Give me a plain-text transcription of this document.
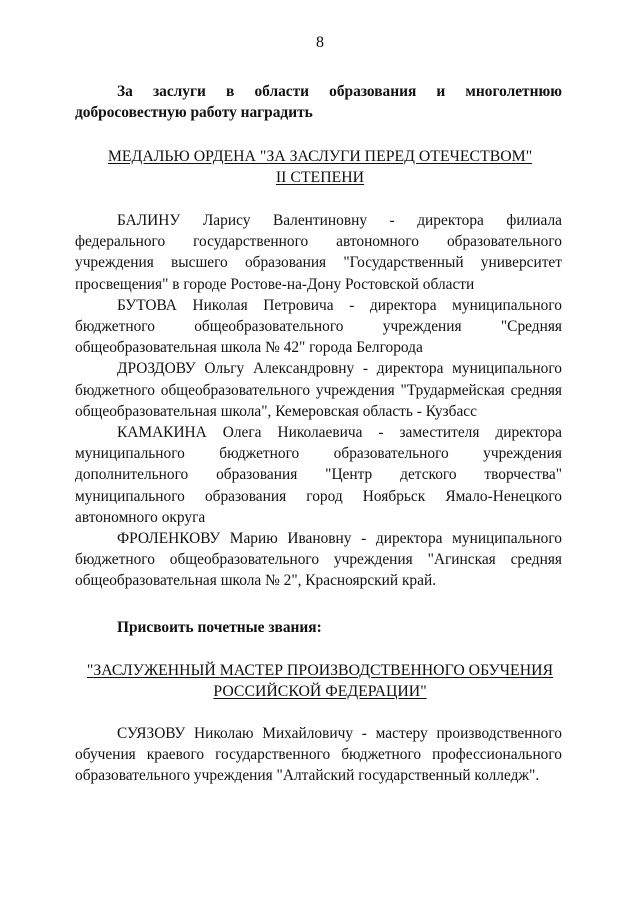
8

За заслуги в области образования и многолетнюю добросовестную работу наградить

МЕДАЛЬЮ ОРДЕНА "ЗА ЗАСЛУГИ ПЕРЕД ОТЕЧЕСТВОМ"
II СТЕПЕНИ

БАЛИНУ Ларису Валентиновну - директора филиала федерального государственного автономного образовательного учреждения высшего образования "Государственный университет просвещения" в городе Ростове-на-Дону Ростовской области

БУТОВА Николая Петровича - директора муниципального бюджетного общеобразовательного учреждения "Средняя общеобразовательная школа № 42" города Белгорода

ДРОЗДОВУ Ольгу Александровну - директора муниципального бюджетного общеобразовательного учреждения "Трудармейская средняя общеобразовательная школа", Кемеровская область - Кузбасс

КАМАКИНА Олега Николаевича - заместителя директора муниципального бюджетного образовательного учреждения дополнительного образования "Центр детского творчества" муниципального образования город Ноябрьск Ямало-Ненецкого автономного округа

ФРОЛЕНКОВУ Марию Ивановну - директора муниципального бюджетного общеобразовательного учреждения "Агинская средняя общеобразовательная школа № 2", Красноярский край.

Присвоить почетные звания:

"ЗАСЛУЖЕННЫЙ МАСТЕР ПРОИЗВОДСТВЕННОГО ОБУЧЕНИЯ
РОССИЙСКОЙ ФЕДЕРАЦИИ"

СУЯЗОВУ Николаю Михайловичу - мастеру производственного обучения краевого государственного бюджетного профессионального образовательного учреждения "Алтайский государственный колледж".
